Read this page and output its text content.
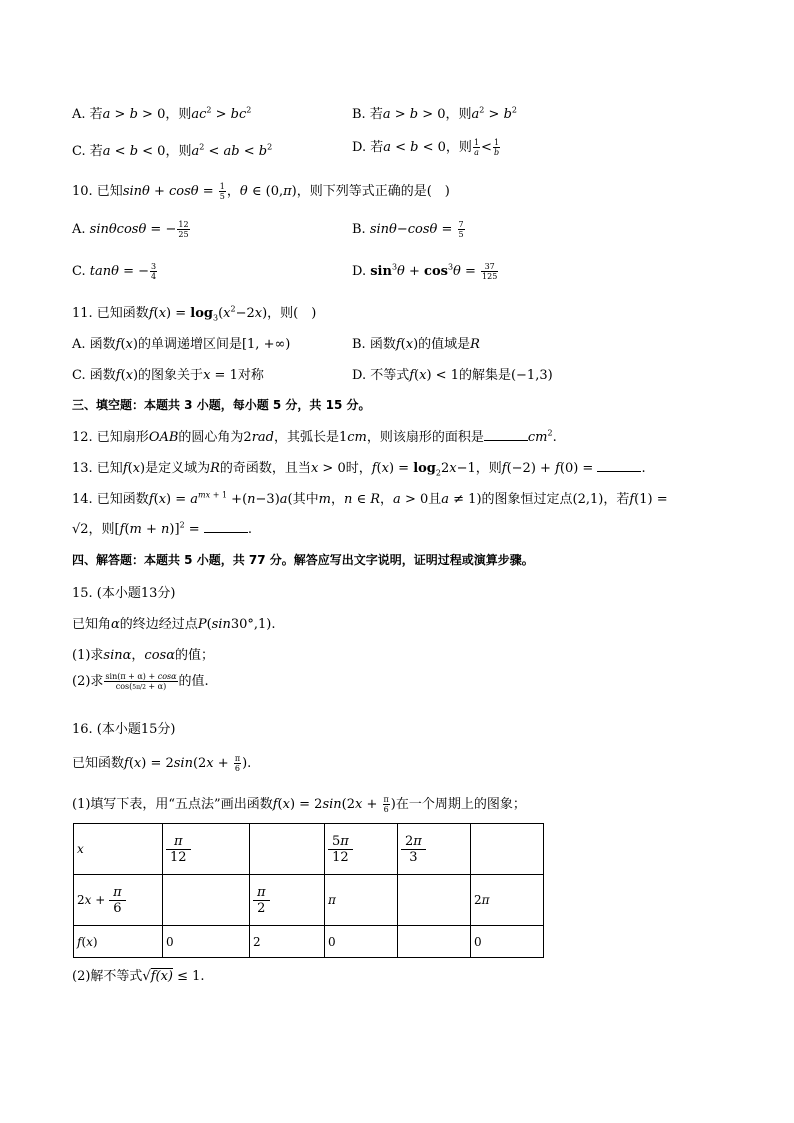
A. 若a > b > 0，则$ac^2 > bc^2$	B. 若a > b > 0，则$a^2 > b^2$
C. 若a < b < 0，则$a^2$ < ab < $b^2$	D. 若a < b < 0，则 $\frac{1}{a} < \frac{1}{b}$
10. 已知$\sin\theta + \cos\theta = \frac{1}{5}$ ，θ ∈ (0,π)，则下列等式正确的是(　)
A. sinθcosθ = − $\frac{12}{25}$	B. $\sin\theta-\cos\theta = \frac{7}{5}$
C. tanθ = − $\frac{3}{4}$	D. $\sin^3\theta + \cos^3\theta = \frac{37}{125}$
11. 已知函数$f(x) = \log_3(x^2-2x)$，则(　)
A. 函数f(x)的单调递增区间是[1, +∞)	B. 函数f(x)的值域是R
C. 函数f(x)的图象关于x = 1对称	D. 不等式f(x) < 1的解集是(−1,3)
三、填空题：本题共 3 小题，每小题 5 分，共 15 分。
12. 已知扇形OAB的圆心角为2rad，其弧长是1cm，则该扇形的面积是	$cm^2$.
13. 已知f(x)是定义域为R的奇函数，且当x > 0时，$f(x) = \log_22x-1$，则f(−2) + f(0) =	.
14. 已知函数$f(x) = a^{mx + 1} +(n-3)a$(其中m，n ∈ R，a > 0且a ≠ 1)的图象恒过定点(2,1)，若f(1) =
√2，则$[f(m + n)]^2$ =	.
四、解答题：本题共 5 小题，共 77 分。解答应写出文字说明，证明过程或演算步骤。
15. (本小题13分)
已知角α的终边经过点P(sin30°,1).
(1)求sinα，cosα的值；
(2)求 $\frac{\sin(\pi + \alpha) + \cos\alpha}{\cos(5\pi/2 + \alpha)}$ 的值.
16. (本小题15分)
已知函数$f(x) = 2\sin(2x + \frac{\pi}{6}$ ).
(1)填写下表，用“五点法”画出函数$f(x) = 2\sin(2x + \frac{\pi}{6}$ )在一个周期上的图象；
x	$\frac{\pi}{12}$		$\frac{5\pi}{12}$	$\frac{2\pi}{3}$

$2x + \frac{\pi}{6}$		$\frac{\pi}{2}$	π		2π
f(x)	0	2	0		0
(2)解不等式√f(x) ≤ 1.
